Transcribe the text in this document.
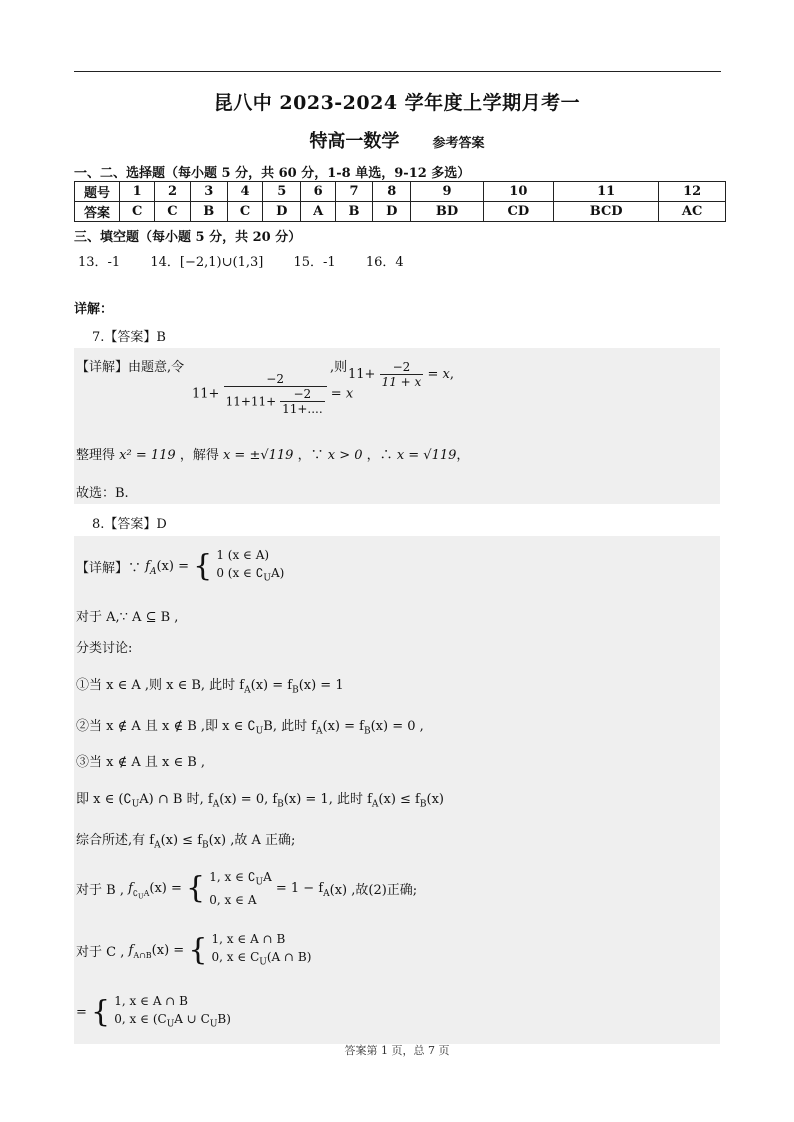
昆八中 2023-2024 学年度上学期月考一
特高一数学	参考答案
一、二、选择题（每小题 5 分，共 60 分，1-8 单选，9-12 多选）
题号	1	2	3	4	5	6	7	8	9	10	11	12
答案	C	C	B	C	D	A	B	D	BD	CD	BCD	AC
三、填空题（每小题 5 分，共 20 分）
13．-1 14．[−2,1)∪(1,3] 15．-1 16．4
详解：
7.【答案】B
【详解】由题意,令
$11+ \frac{-2}{11+11+ \frac{-2}{11+....}} = x$
,则 $11+ \frac{-2}{11 + x} = x$,
整理得 x² = 119 ，解得 x = ±√119 ，∵ x > 0 ，∴ x = √119，
故选：B.
8.【答案】D
【详解】∵ $f_A(x)$ = { 1 (x ∈ A)
0 (x ∈ $∁_UA$)
对于 A,∵ A ⊆ B ,
分类讨论:
①当 x ∈ A ,则 x ∈ B, 此时 $f_A(x) = f_B(x) = 1$
②当 x ∉ A 且 x ∉ B ,即 x ∈ $∁_UB$, 此时 $f_A(x) = f_B(x) = 0$ ,
③当 x ∉ A 且 x ∈ B ,
即 x ∈ $(∁_UA)$ ∩ B 时, $f_A(x) = 0$, $f_B(x) = 1$, 此时 $f_A(x) \le f_B(x)$
综合所述,有 $f_A(x) \le f_B(x)$ ,故 A 正确;
对于 B , $f_{∁_UA}(x)$ = { 1, x ∈ $∁_UA$
0, x ∈ A
= $1 - f_A(x)$ ,故(2)正确;
对于 C , $f_{A\cap B}(x)$ = { 1, x ∈ A ∩ B
0, x ∈ $C_U(A$ ∩ B)
= { 1, x ∈ A ∩ B
0, x ∈ ($C_UA$ ∪ $C_UB$)
答案第 1 页，总 7 页
